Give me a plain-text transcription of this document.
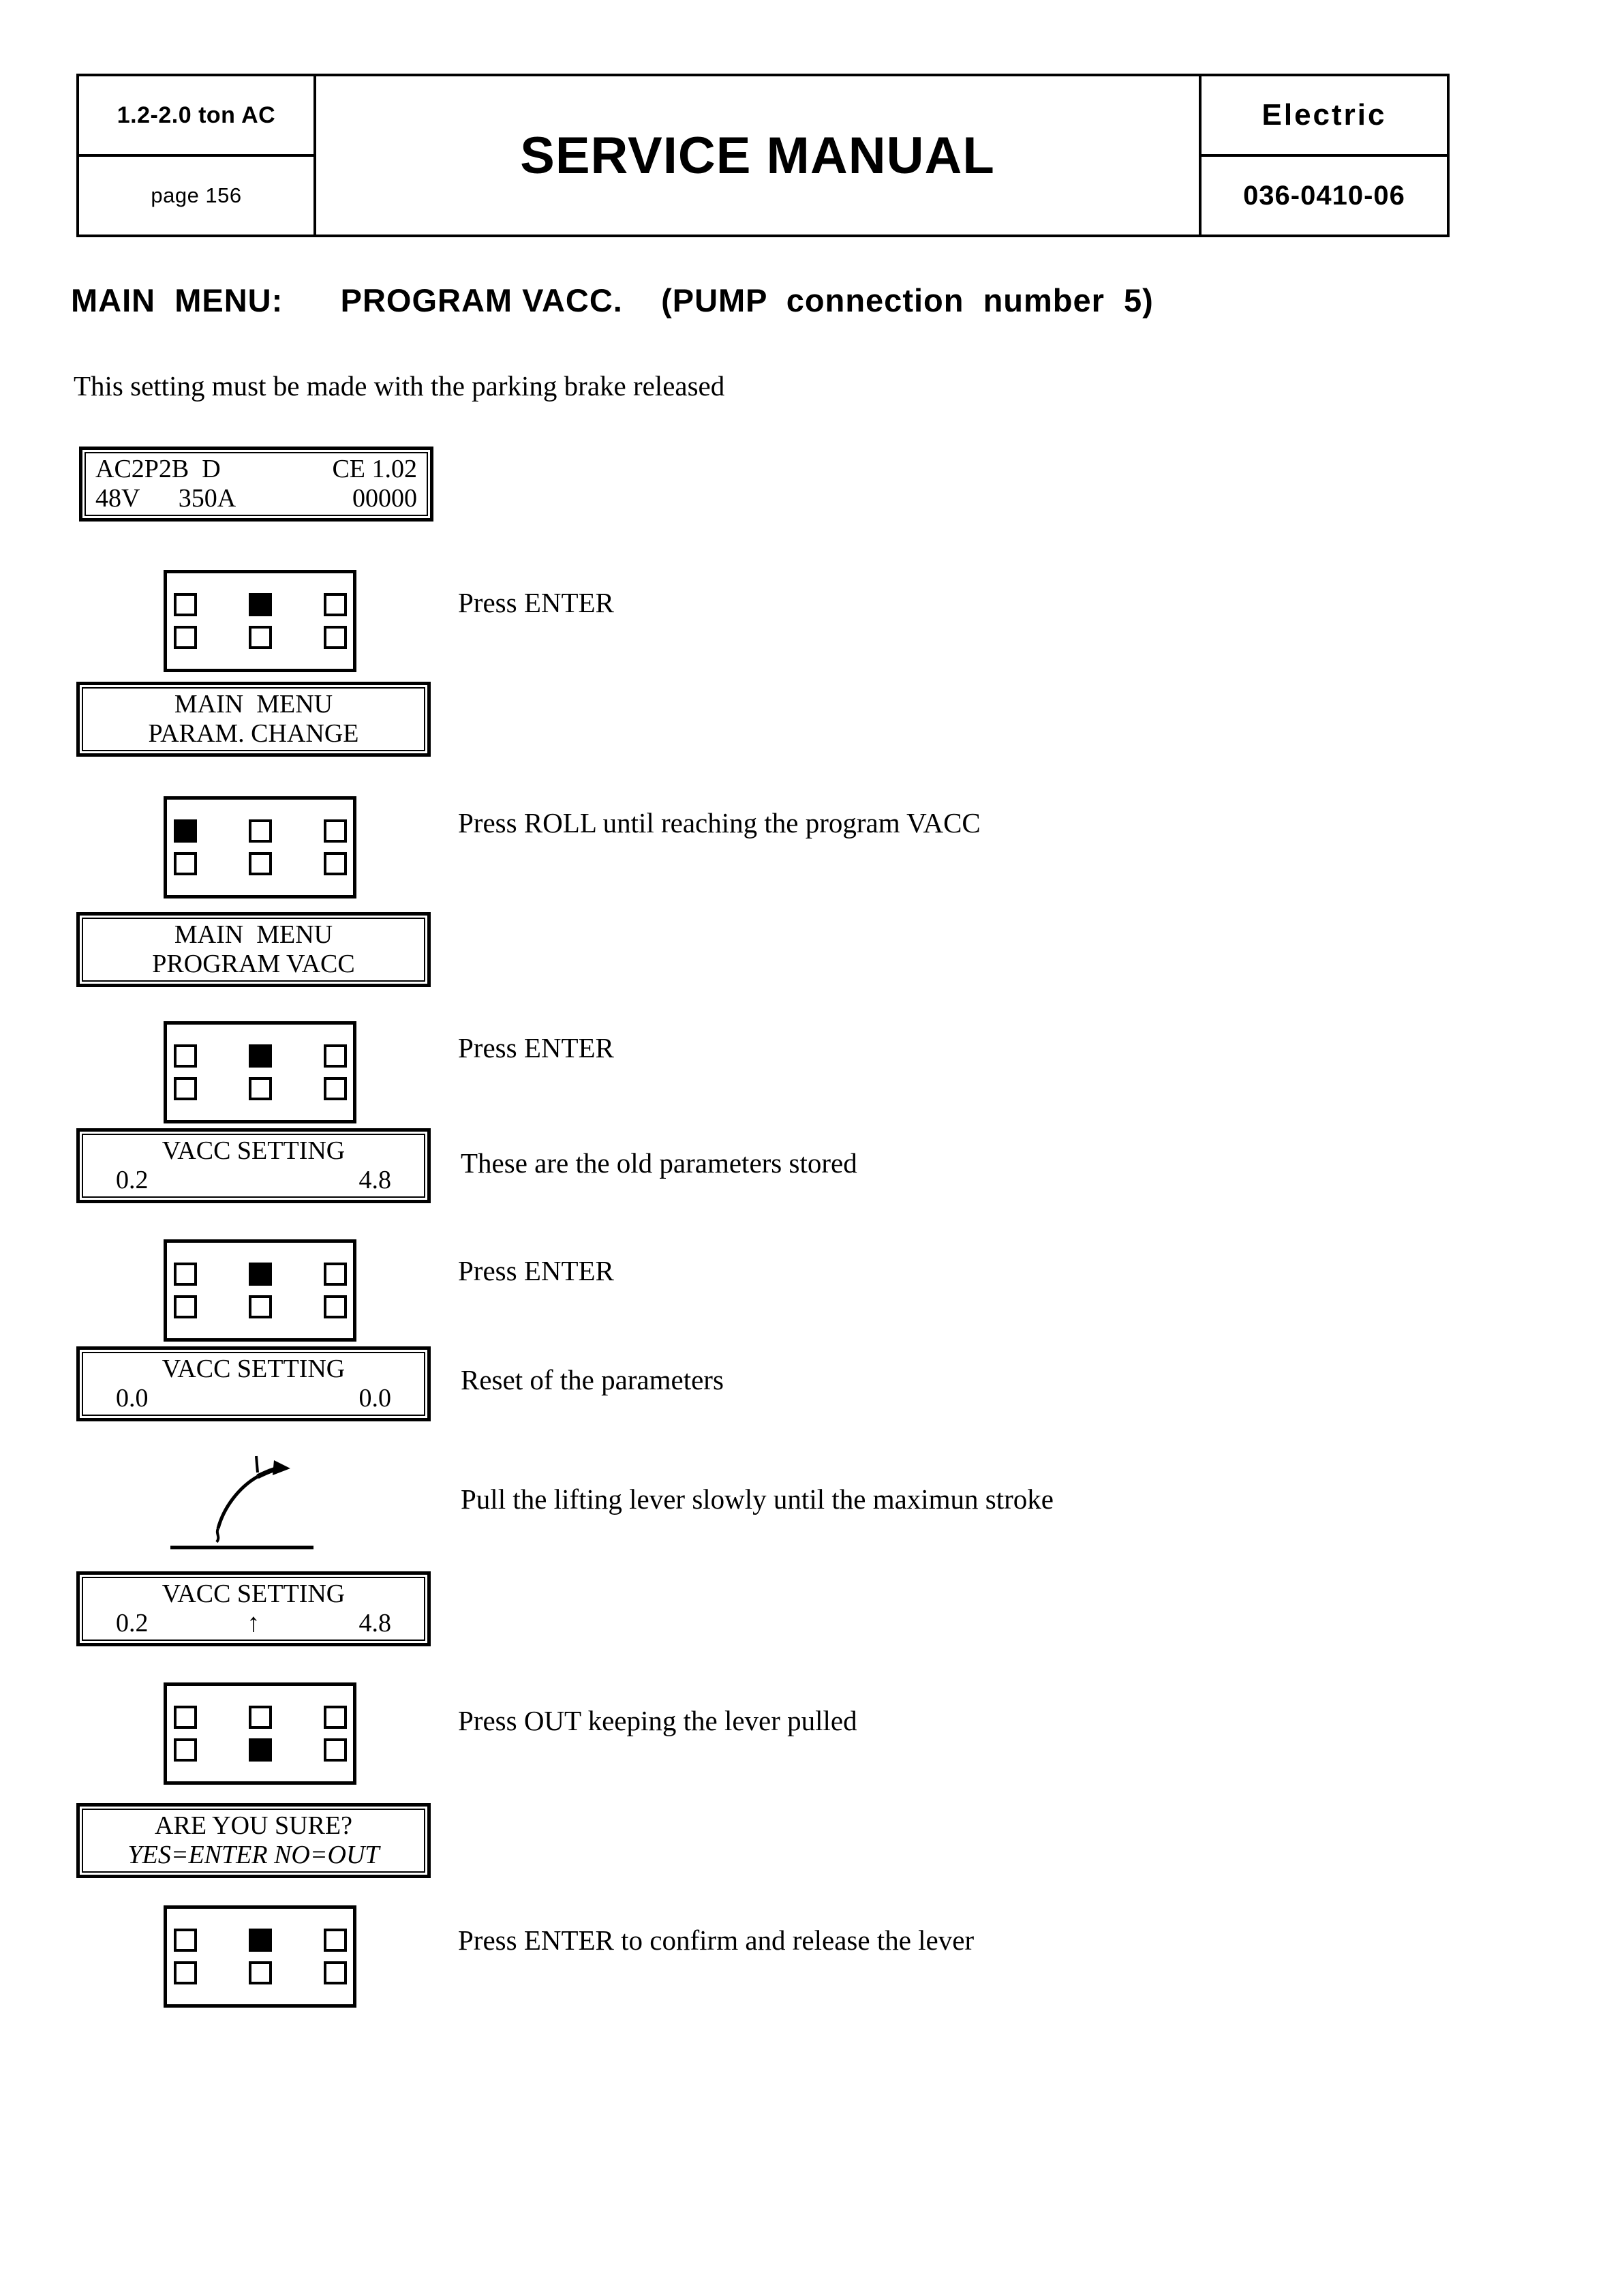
1.2-2.0 ton AC
page 156
SERVICE MANUAL
Electric
036-0410-06
MAIN  MENU:      PROGRAM VACC.    (PUMP  connection  number  5)
This setting must be made with the parking brake released
AC2P2B  D	CE 1.02
48V      350A	00000
Press ENTER
MAIN  MENU
PARAM. CHANGE
Press ROLL until reaching the program VACC
MAIN  MENU
PROGRAM VACC
Press ENTER
VACC SETTING
0.2	4.8
These are the old parameters stored
Press ENTER
VACC SETTING
0.0	0.0
Reset of the parameters
Pull the lifting lever slowly until the maximun stroke
VACC SETTING
0.2	↑	4.8
Press OUT keeping the lever pulled
ARE YOU SURE?
YES=ENTER NO=OUT
Press ENTER to confirm and release the lever
